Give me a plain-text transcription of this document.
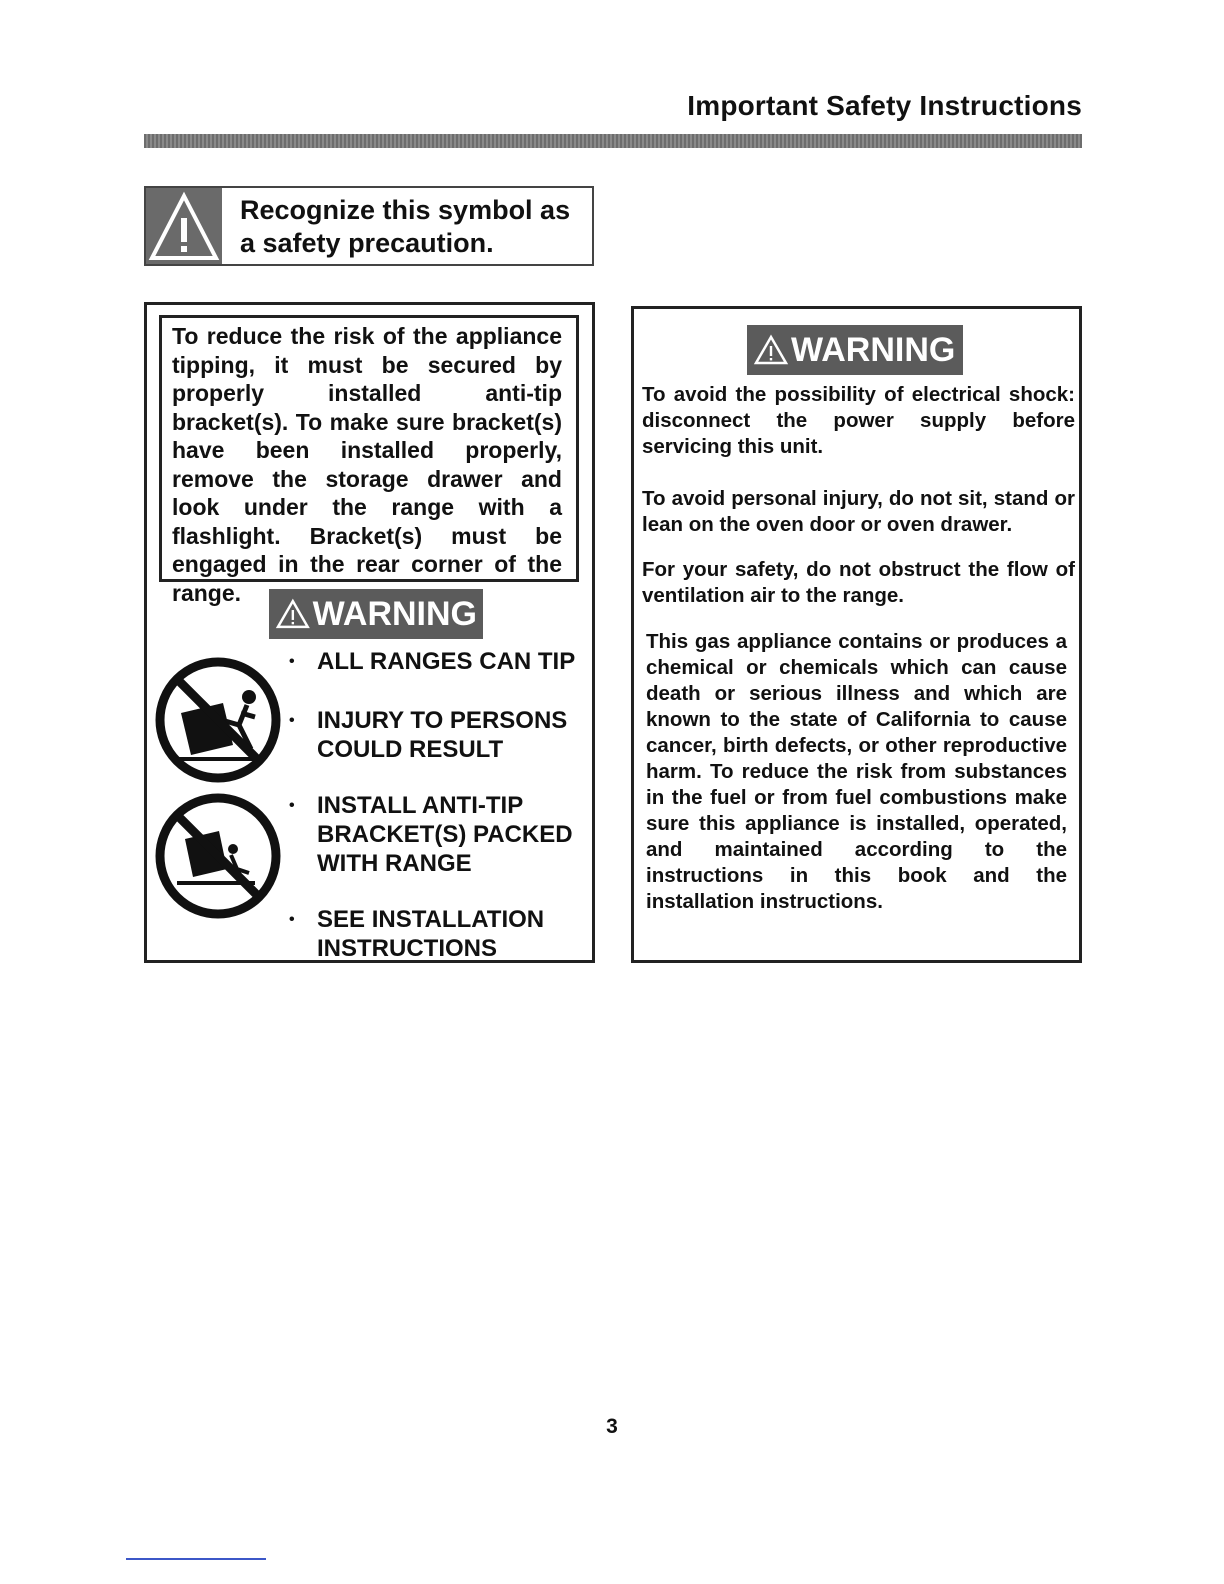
Important Safety Instructions
Recognize this symbol as a safety precaution.
To reduce the risk of the appliance tipping, it must be secured by properly installed anti-tip bracket(s). To make sure bracket(s) have been installed properly, remove the storage drawer and look under the range with a flashlight. Bracket(s) must be engaged in the rear corner of the range.
WARNING
• ALL RANGES CAN TIP
• INJURY TO PERSONS COULD RESULT
• INSTALL ANTI-TIP BRACKET(S) PACKED WITH RANGE
• SEE INSTALLATION INSTRUCTIONS
WARNING
To avoid the possibility of electrical shock: disconnect the power supply before servicing this unit.
To avoid personal injury, do not sit, stand or lean on the oven door or oven drawer.
For your safety, do not obstruct the flow of ventilation air to the range.
This gas appliance contains or produces a chemical or chemicals which can cause death or serious illness and which are known to the state of California to cause cancer, birth defects, or other reproductive harm. To reduce the risk from substances in the fuel or from fuel combustions make sure this appliance is installed, operated, and maintained according to the instructions in this book and the installation instructions.
3
